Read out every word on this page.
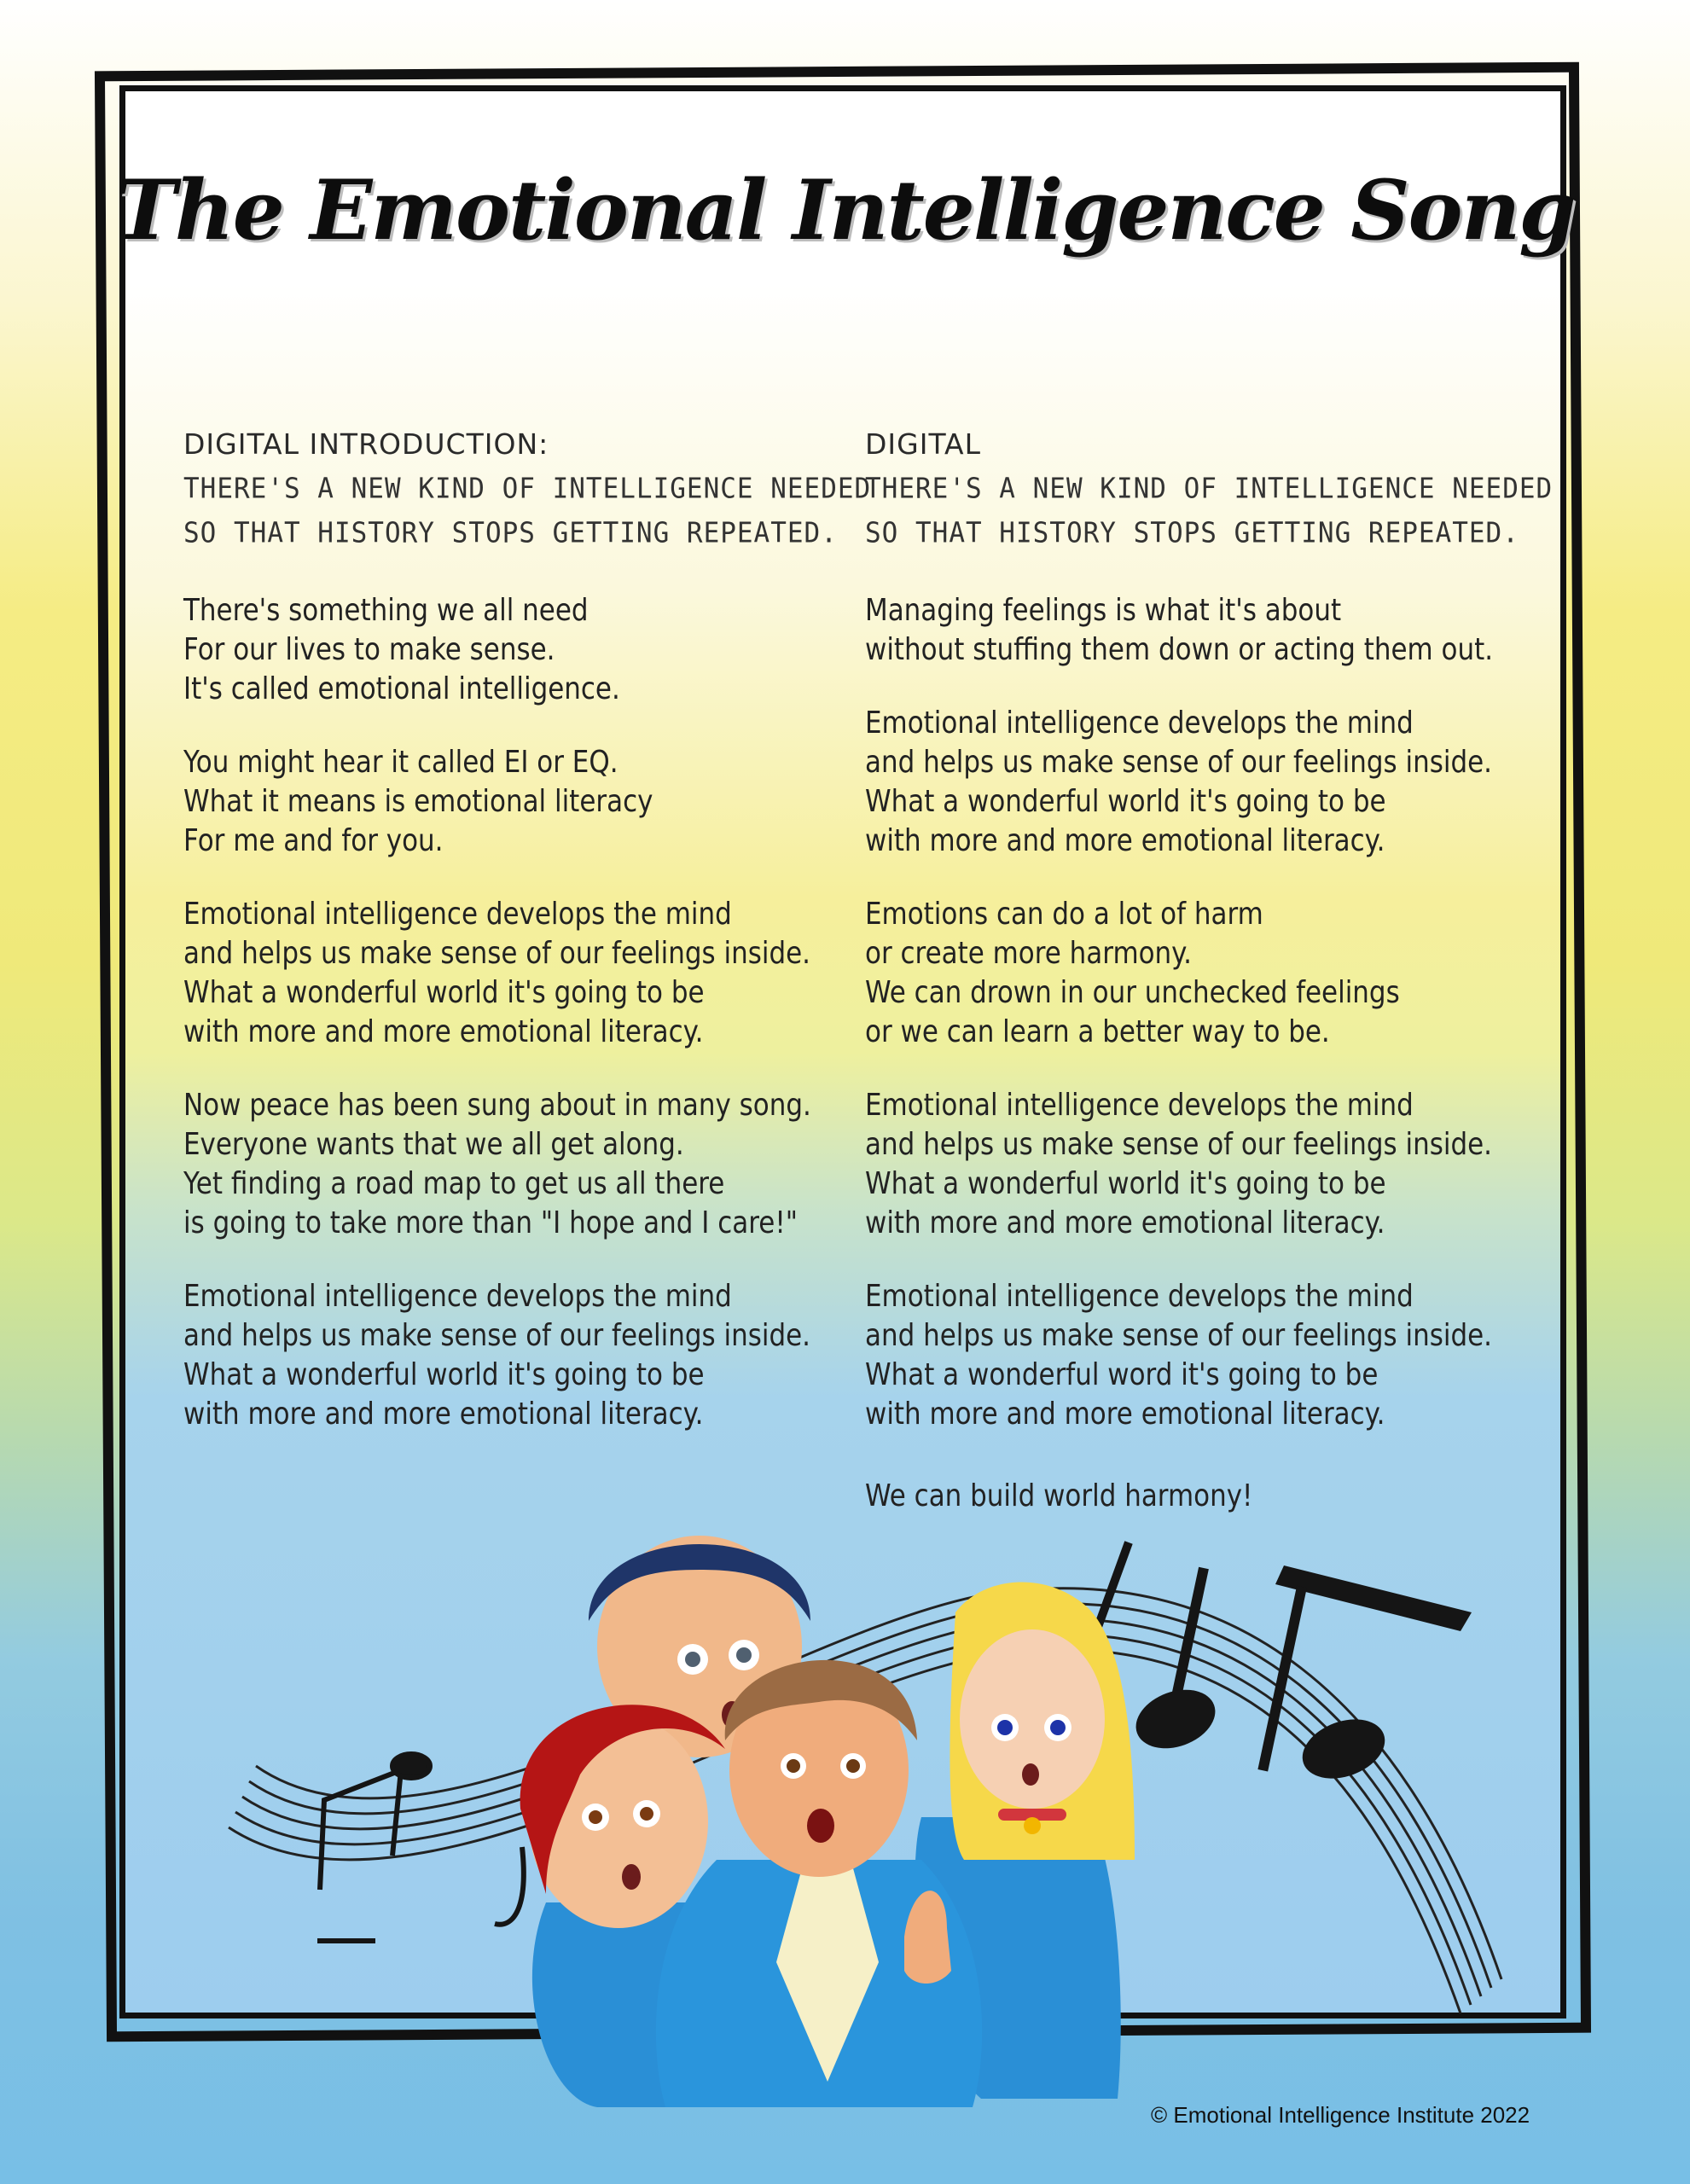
The Emotional Intelligence Song
DIGITAL INTRODUCTION:
THERE'S A NEW KIND OF INTELLIGENCE NEEDED
SO THAT HISTORY STOPS GETTING REPEATED.
There's something we all need
For our lives to make sense.
It's called emotional intelligence.
You might hear it called EI or EQ.
What it means is emotional literacy
For me and for you.
Emotional intelligence develops the mind
and helps us make sense of our feelings inside.
What a wonderful world it's going to be
with more and more emotional literacy.
Now peace has been sung about in many song.
Everyone wants that we all get along.
Yet finding a road map to get us all there
is going to take more than "I hope and I care!"
Emotional intelligence develops the mind
and helps us make sense of our feelings inside.
What a wonderful world it's going to be
with more and more emotional literacy.
DIGITAL
THERE'S A NEW KIND OF INTELLIGENCE NEEDED
SO THAT HISTORY STOPS GETTING REPEATED.
Managing feelings is what it's about
without stuffing them down or acting them out.
Emotional intelligence develops the mind
and helps us make sense of our feelings inside.
What a wonderful world it's going to be
with more and more emotional literacy.
Emotions can do a lot of harm
or create more harmony.
We can drown in our unchecked feelings
or we can learn a better way to be.
Emotional intelligence develops the mind
and helps us make sense of our feelings inside.
What a wonderful world it's going to be
with more and more emotional literacy.
Emotional intelligence develops the mind
and helps us make sense of our feelings inside.
What a wonderful word it's going to be
with more and more emotional literacy.
We can build world harmony!
© Emotional Intelligence Institute 2022
